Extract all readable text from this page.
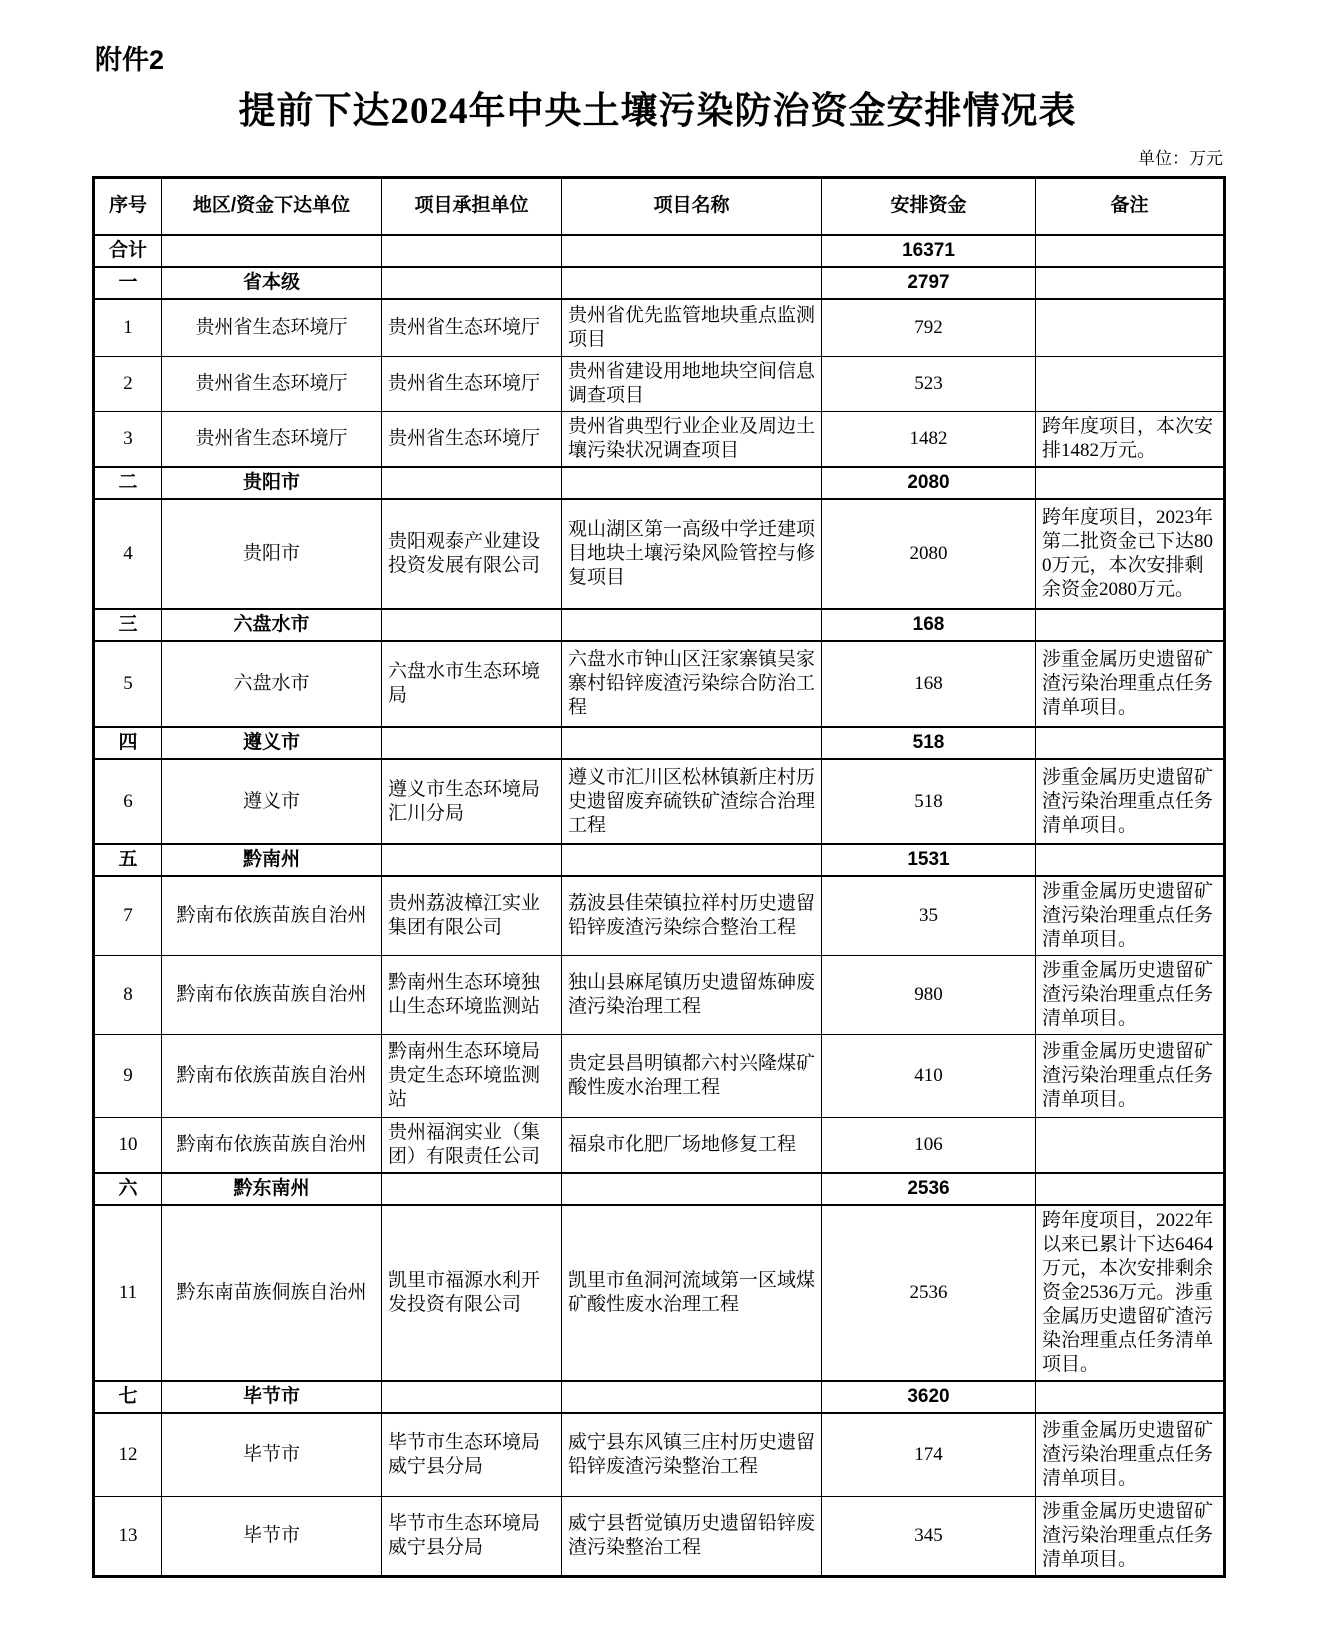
附件2
提前下达2024年中央土壤污染防治资金安排情况表
单位：万元
序号	地区/资金下达单位	项目承担单位	项目名称	安排资金	备注
合计				16371	
一	省本级			2797	
1	贵州省生态环境厅	贵州省生态环境厅	贵州省优先监管地块重点监测项目	792	
2	贵州省生态环境厅	贵州省生态环境厅	贵州省建设用地地块空间信息调查项目	523	
3	贵州省生态环境厅	贵州省生态环境厅	贵州省典型行业企业及周边土壤污染状况调查项目	1482	跨年度项目，本次安排1482万元。
二	贵阳市			2080	
4	贵阳市	贵阳观泰产业建设投资发展有限公司	观山湖区第一高级中学迁建项目地块土壤污染风险管控与修复项目	2080	跨年度项目，2023年第二批资金已下达800万元，本次安排剩余资金2080万元。
三	六盘水市			168	
5	六盘水市	六盘水市生态环境局	六盘水市钟山区汪家寨镇吴家寨村铅锌废渣污染综合防治工程	168	涉重金属历史遗留矿渣污染治理重点任务清单项目。
四	遵义市			518	
6	遵义市	遵义市生态环境局汇川分局	遵义市汇川区松林镇新庄村历史遗留废弃硫铁矿渣综合治理工程	518	涉重金属历史遗留矿渣污染治理重点任务清单项目。
五	黔南州			1531	
7	黔南布依族苗族自治州	贵州荔波樟江实业集团有限公司	荔波县佳荣镇拉祥村历史遗留铅锌废渣污染综合整治工程	35	涉重金属历史遗留矿渣污染治理重点任务清单项目。
8	黔南布依族苗族自治州	黔南州生态环境独山生态环境监测站	独山县麻尾镇历史遗留炼砷废渣污染治理工程	980	涉重金属历史遗留矿渣污染治理重点任务清单项目。
9	黔南布依族苗族自治州	黔南州生态环境局贵定生态环境监测站	贵定县昌明镇都六村兴隆煤矿酸性废水治理工程	410	涉重金属历史遗留矿渣污染治理重点任务清单项目。
10	黔南布依族苗族自治州	贵州福润实业（集团）有限责任公司	福泉市化肥厂场地修复工程	106	
六	黔东南州			2536	
11	黔东南苗族侗族自治州	凯里市福源水利开发投资有限公司	凯里市鱼洞河流域第一区域煤矿酸性废水治理工程	2536	跨年度项目，2022年以来已累计下达6464万元，本次安排剩余资金2536万元。涉重金属历史遗留矿渣污染治理重点任务清单项目。
七	毕节市			3620	
12	毕节市	毕节市生态环境局威宁县分局	威宁县东风镇三庄村历史遗留铅锌废渣污染整治工程	174	涉重金属历史遗留矿渣污染治理重点任务清单项目。
13	毕节市	毕节市生态环境局威宁县分局	威宁县哲觉镇历史遗留铅锌废渣污染整治工程	345	涉重金属历史遗留矿渣污染治理重点任务清单项目。
